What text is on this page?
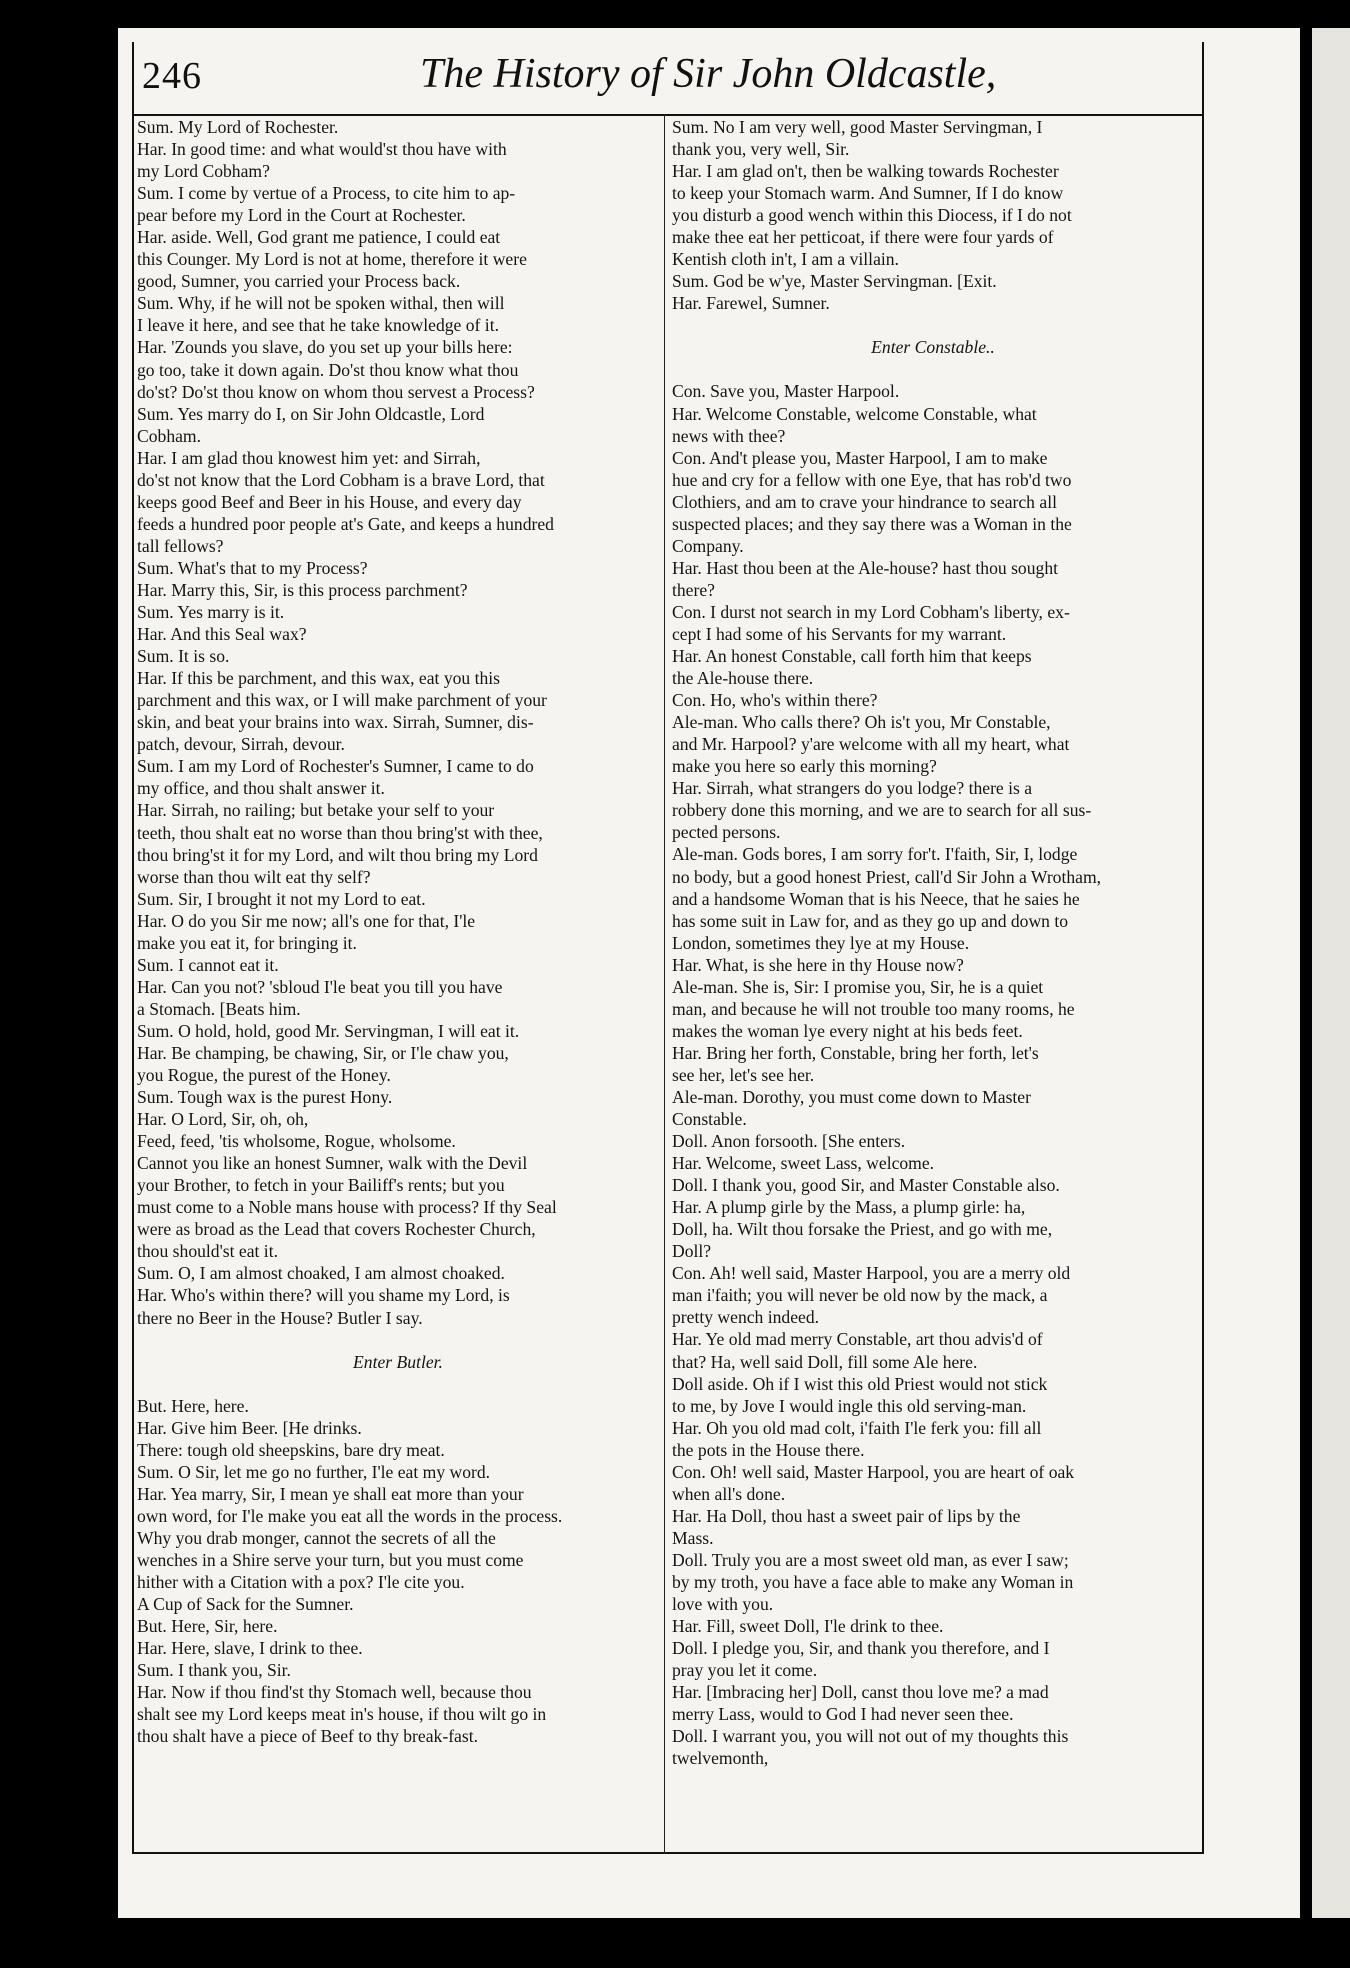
246	The History of Sir John Oldcastle,
Sum. My Lord of Rochester.
Har. In good time: and what would'st thou have with
my Lord Cobham?
Sum. I come by vertue of a Process, to cite him to ap-
pear before my Lord in the Court at Rochester.
Har. aside. Well, God grant me patience, I could eat
this Counger. My Lord is not at home, therefore it were
good, Sumner, you carried your Process back.
Sum. Why, if he will not be spoken withal, then will
I leave it here, and see that he take knowledge of it.
Har. 'Zounds you slave, do you set up your bills here:
go too, take it down again. Do'st thou know what thou
do'st? Do'st thou know on whom thou servest a Process?
Sum. Yes marry do I, on Sir John Oldcastle, Lord
Cobham.
Har. I am glad thou knowest him yet: and Sirrah,
do'st not know that the Lord Cobham is a brave Lord, that
keeps good Beef and Beer in his House, and every day
feeds a hundred poor people at's Gate, and keeps a hundred
tall fellows?
Sum. What's that to my Process?
Har. Marry this, Sir, is this process parchment?
Sum. Yes marry is it.
Har. And this Seal wax?
Sum. It is so.
Har. If this be parchment, and this wax, eat you this
parchment and this wax, or I will make parchment of your
skin, and beat your brains into wax. Sirrah, Sumner, dis-
patch, devour, Sirrah, devour.
Sum. I am my Lord of Rochester's Sumner, I came to do
my office, and thou shalt answer it.
Har. Sirrah, no railing; but betake your self to your
teeth, thou shalt eat no worse than thou bring'st with thee,
thou bring'st it for my Lord, and wilt thou bring my Lord
worse than thou wilt eat thy self?
Sum. Sir, I brought it not my Lord to eat.
Har. O do you Sir me now; all's one for that, I'le
make you eat it, for bringing it.
Sum. I cannot eat it.
Har. Can you not? 'sbloud I'le beat you till you have
a Stomach. [Beats him.
Sum. O hold, hold, good Mr. Servingman, I will eat it.
Har. Be champing, be chawing, Sir, or I'le chaw you,
you Rogue, the purest of the Honey.
Sum. Tough wax is the purest Hony.
Har. O Lord, Sir, oh, oh,
Feed, feed, 'tis wholsome, Rogue, wholsome.
Cannot you like an honest Sumner, walk with the Devil
your Brother, to fetch in your Bailiff's rents; but you
must come to a Noble mans house with process? If thy Seal
were as broad as the Lead that covers Rochester Church,
thou should'st eat it.
Sum. O, I am almost choaked, I am almost choaked.
Har. Who's within there? will you shame my Lord, is
there no Beer in the House? Butler I say.
Enter Butler.
But. Here, here.
Har. Give him Beer. [He drinks.
There: tough old sheepskins, bare dry meat.
Sum. O Sir, let me go no further, I'le eat my word.
Har. Yea marry, Sir, I mean ye shall eat more than your
own word, for I'le make you eat all the words in the process.
Why you drab monger, cannot the secrets of all the
wenches in a Shire serve your turn, but you must come
hither with a Citation with a pox? I'le cite you.
A Cup of Sack for the Sumner.
But. Here, Sir, here.
Har. Here, slave, I drink to thee.
Sum. I thank you, Sir.
Har. Now if thou find'st thy Stomach well, because thou
shalt see my Lord keeps meat in's house, if thou wilt go in
thou shalt have a piece of Beef to thy break-fast.
Sum. No I am very well, good Master Servingman, I
thank you, very well, Sir.
Har. I am glad on't, then be walking towards Rochester
to keep your Stomach warm. And Sumner, If I do know
you disturb a good wench within this Diocess, if I do not
make thee eat her petticoat, if there were four yards of
Kentish cloth in't, I am a villain.
Sum. God be w'ye, Master Servingman. [Exit.
Har. Farewel, Sumner.
Enter Constable..
Con. Save you, Master Harpool.
Har. Welcome Constable, welcome Constable, what
news with thee?
Con. And't please you, Master Harpool, I am to make
hue and cry for a fellow with one Eye, that has rob'd two
Clothiers, and am to crave your hindrance to search all
suspected places; and they say there was a Woman in the
Company.
Har. Hast thou been at the Ale-house? hast thou sought
there?
Con. I durst not search in my Lord Cobham's liberty, ex-
cept I had some of his Servants for my warrant.
Har. An honest Constable, call forth him that keeps
the Ale-house there.
Con. Ho, who's within there?
Ale-man. Who calls there? Oh is't you, Mr Constable,
and Mr. Harpool? y'are welcome with all my heart, what
make you here so early this morning?
Har. Sirrah, what strangers do you lodge? there is a
robbery done this morning, and we are to search for all sus-
pected persons.
Ale-man. Gods bores, I am sorry for't. I'faith, Sir, I, lodge
no body, but a good honest Priest, call'd Sir John a Wrotham,
and a handsome Woman that is his Neece, that he saies he
has some suit in Law for, and as they go up and down to
London, sometimes they lye at my House.
Har. What, is she here in thy House now?
Ale-man. She is, Sir: I promise you, Sir, he is a quiet
man, and because he will not trouble too many rooms, he
makes the woman lye every night at his beds feet.
Har. Bring her forth, Constable, bring her forth, let's
see her, let's see her.
Ale-man. Dorothy, you must come down to Master
Constable.
Doll. Anon forsooth. [She enters.
Har. Welcome, sweet Lass, welcome.
Doll. I thank you, good Sir, and Master Constable also.
Har. A plump girle by the Mass, a plump girle: ha,
Doll, ha. Wilt thou forsake the Priest, and go with me,
Doll?
Con. Ah! well said, Master Harpool, you are a merry old
man i'faith; you will never be old now by the mack, a
pretty wench indeed.
Har. Ye old mad merry Constable, art thou advis'd of
that? Ha, well said Doll, fill some Ale here.
Doll aside. Oh if I wist this old Priest would not stick
to me, by Jove I would ingle this old serving-man.
Har. Oh you old mad colt, i'faith I'le ferk you: fill all
the pots in the House there.
Con. Oh! well said, Master Harpool, you are heart of oak
when all's done.
Har. Ha Doll, thou hast a sweet pair of lips by the
Mass.
Doll. Truly you are a most sweet old man, as ever I saw;
by my troth, you have a face able to make any Woman in
love with you.
Har. Fill, sweet Doll, I'le drink to thee.
Doll. I pledge you, Sir, and thank you therefore, and I
pray you let it come.
Har. [Imbracing her] Doll, canst thou love me? a mad
merry Lass, would to God I had never seen thee.
Doll. I warrant you, you will not out of my thoughts this
twelvemonth,
